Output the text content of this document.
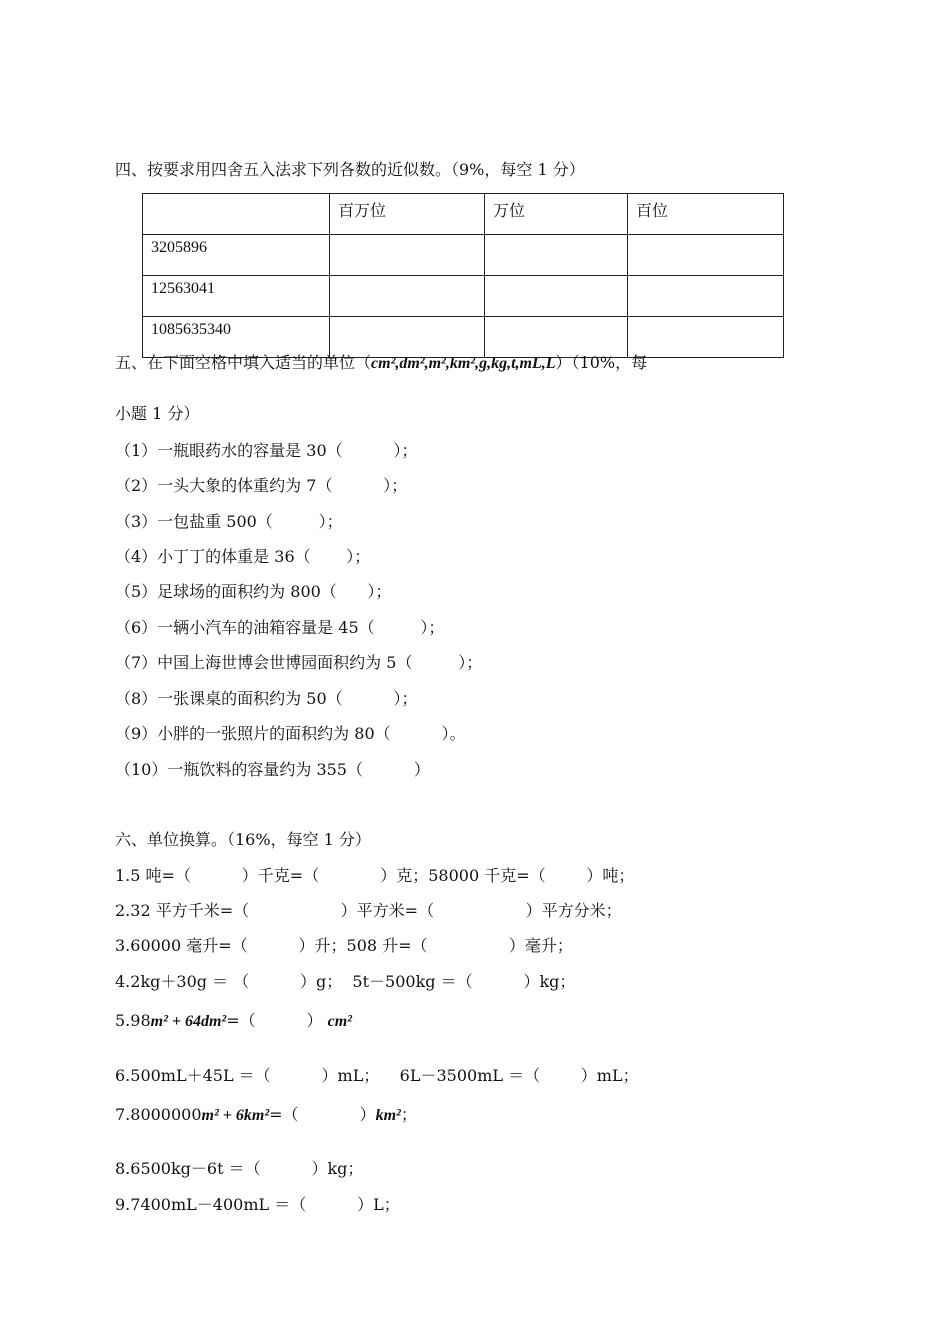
四、按要求用四舍五入法求下列各数的近似数。（9%，每空 1 分）
	百万位	万位	百位
3205896			
12563041			
1085635340			
五、在下面空格中填入适当的单位（cm²,dm²,m²,km²,g,kg,t,mL,L）（10%，每
小题 1 分）
（1）一瓶眼药水的容量是 30（          ）；
（2）一头大象的体重约为 7（          ）；
（3）一包盐重 500（         ）；
（4）小丁丁的体重是 36（       ）；
（5）足球场的面积约为 800（      ）；
（6）一辆小汽车的油箱容量是 45（         ）；
（7）中国上海世博会世博园面积约为 5（         ）；
（8）一张课桌的面积约为 50（          ）；
（9）小胖的一张照片的面积约为 80（          ）。
（10）一瓶饮料的容量约为 355（          ）
六、单位换算。（16%，每空 1 分）
1.5 吨=（          ）千克=（            ）克；58000 千克=（        ）吨；
2.32 平方千米=（                  ）平方米=（                  ）平方分米；
3.60000 毫升=（          ）升；508 升=（                ）毫升；
4.2kg＋30g ＝ （          ）g；  5t－500kg ＝（          ）kg；
5.98m² + 64dm²=（          ） cm²
6.500mL＋45L ＝（          ）mL；    6L－3500mL ＝（        ）mL；
7.8000000m² + 6km²=（            ）km²；
8.6500kg－6t ＝（          ）kg；
9.7400mL－400mL ＝（          ）L；
